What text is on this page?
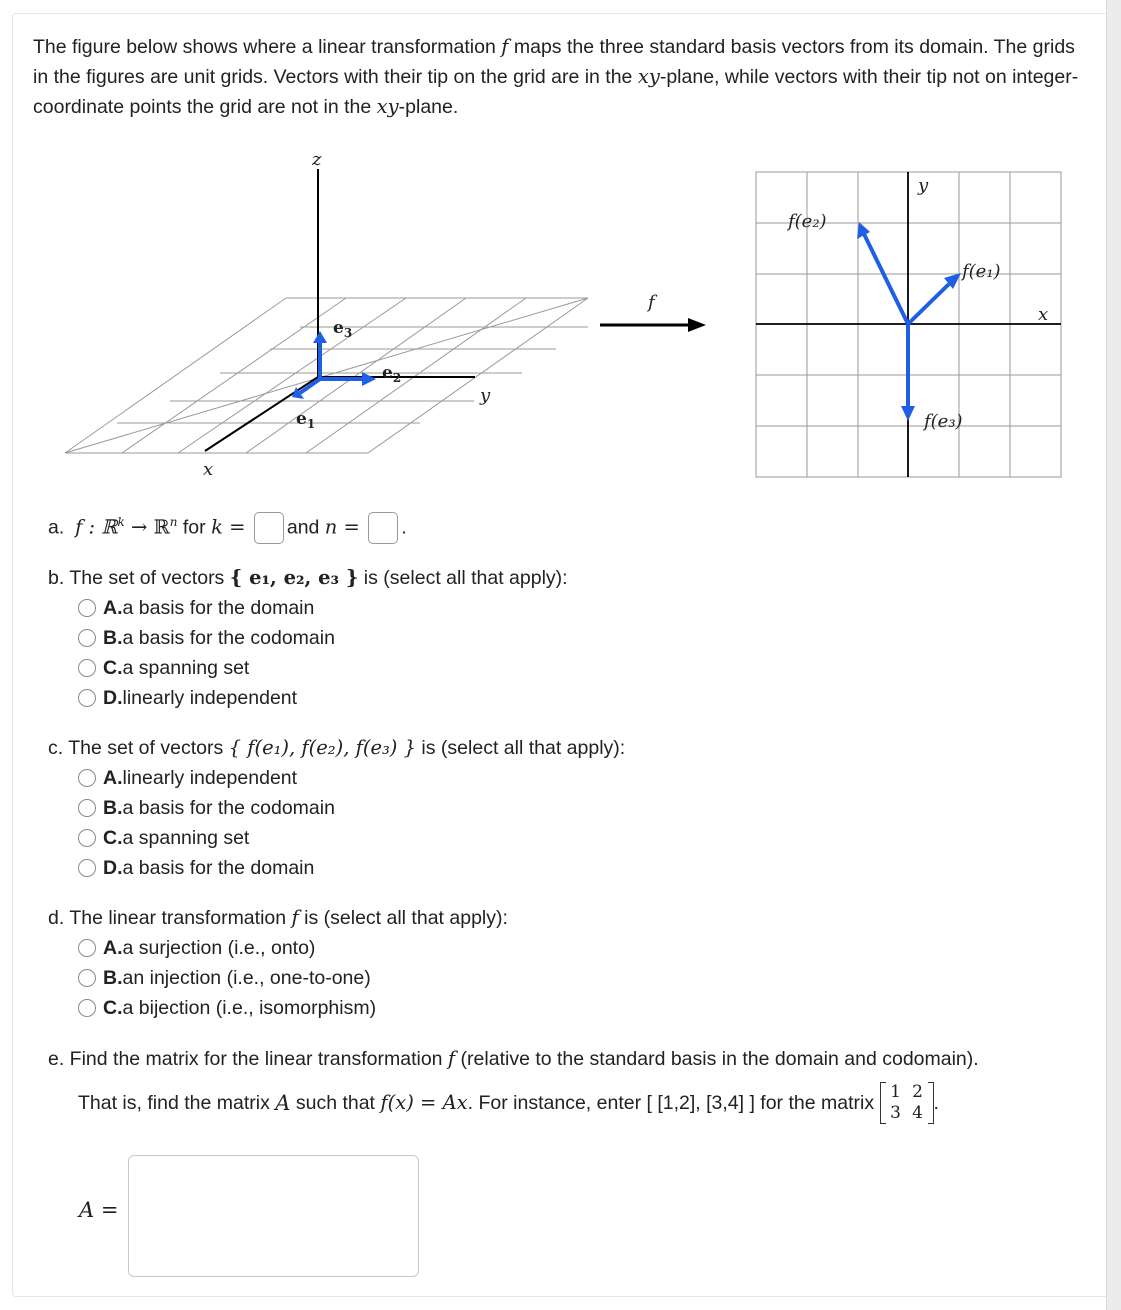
The figure below shows where a linear transformation f maps the three standard basis vectors from its domain. The grids in the figures are unit grids. Vectors with their tip on the grid are in the xy-plane, while vectors with their tip not on integer-coordinate points the grid are not in the xy-plane.
z
x
y
$e_3$
$e_2$
$e_1$
f
y
x
f(e₂)
f(e₁)
f(e₃)
a. f : ℝ$^k$ → ℝ$^n$ for k = and n = .
b. The set of vectors { e₁, e₂, e₃ } is (select all that apply):
A. a basis for the domain
B. a basis for the codomain
C. a spanning set
D. linearly independent
c. The set of vectors { f(e₁), f(e₂), f(e₃) } is (select all that apply):
A. linearly independent
B. a basis for the codomain
C. a spanning set
D. a basis for the domain
d. The linear transformation f is (select all that apply):
A. a surjection (i.e., onto)
B. an injection (i.e., one-to-one)
C. a bijection (i.e., isomorphism)
e. Find the matrix for the linear transformation f (relative to the standard basis in the domain and codomain).
That is, find the matrix
A
such that
f(x) = Ax . For instance, enter [ [1,2], [3,4] ] for the matrix
1 2
3 4 .
A =
